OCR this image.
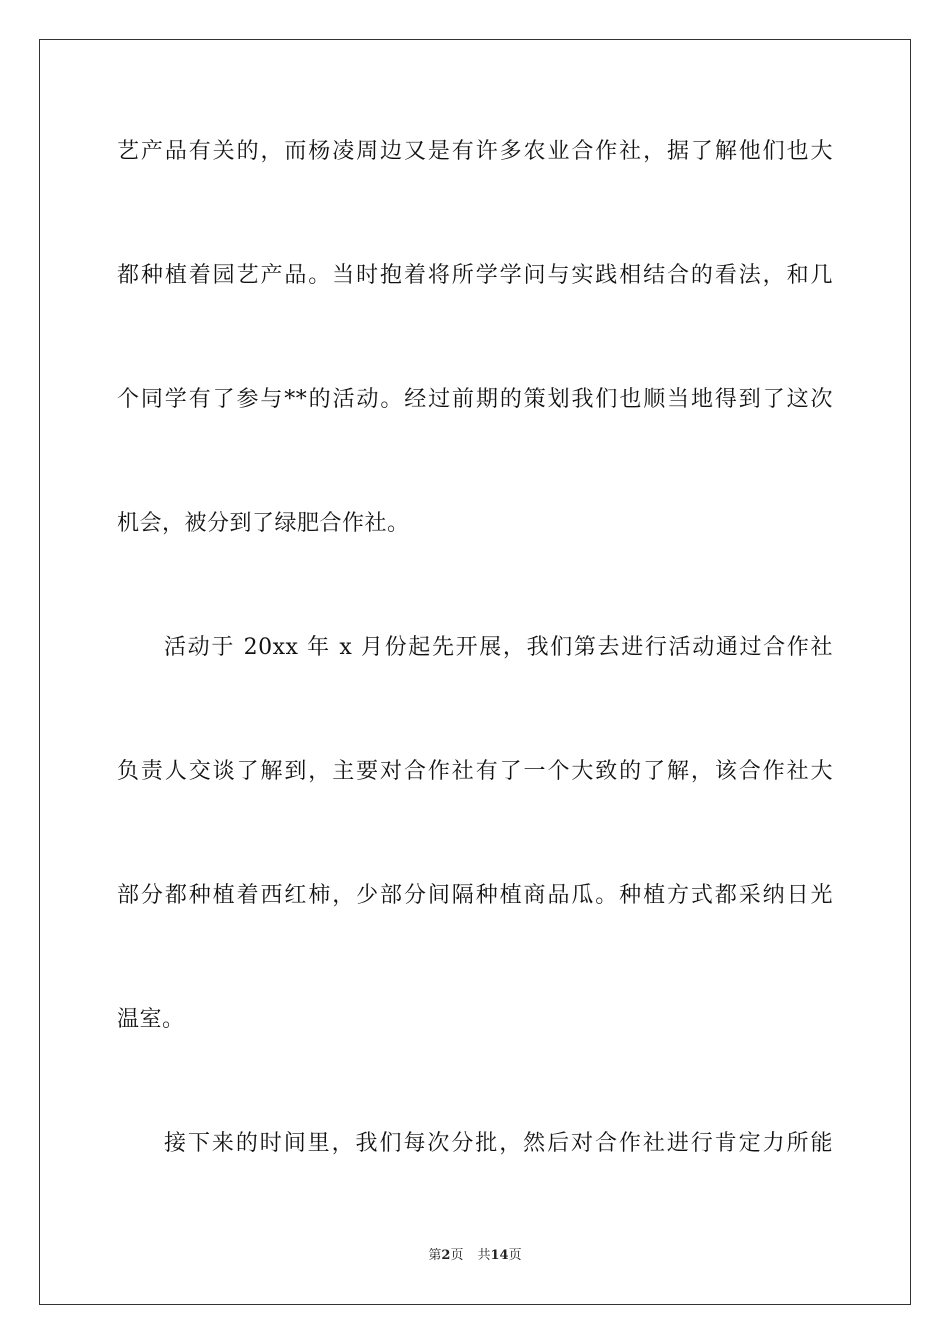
艺产品有关的，而杨凌周边又是有许多农业合作社，据了解他们也大
都种植着园艺产品。当时抱着将所学学问与实践相结合的看法，和几
个同学有了参与**的活动。经过前期的策划我们也顺当地得到了这次
机会，被分到了绿肥合作社。
活动于 20xx 年 x 月份起先开展，我们第去进行活动通过合作社
负责人交谈了解到，主要对合作社有了一个大致的了解，该合作社大
部分都种植着西红柿，少部分间隔种植商品瓜。种植方式都采纳日光
温室。
接下来的时间里，我们每次分批，然后对合作社进行肯定力所能
第2页 共14页
